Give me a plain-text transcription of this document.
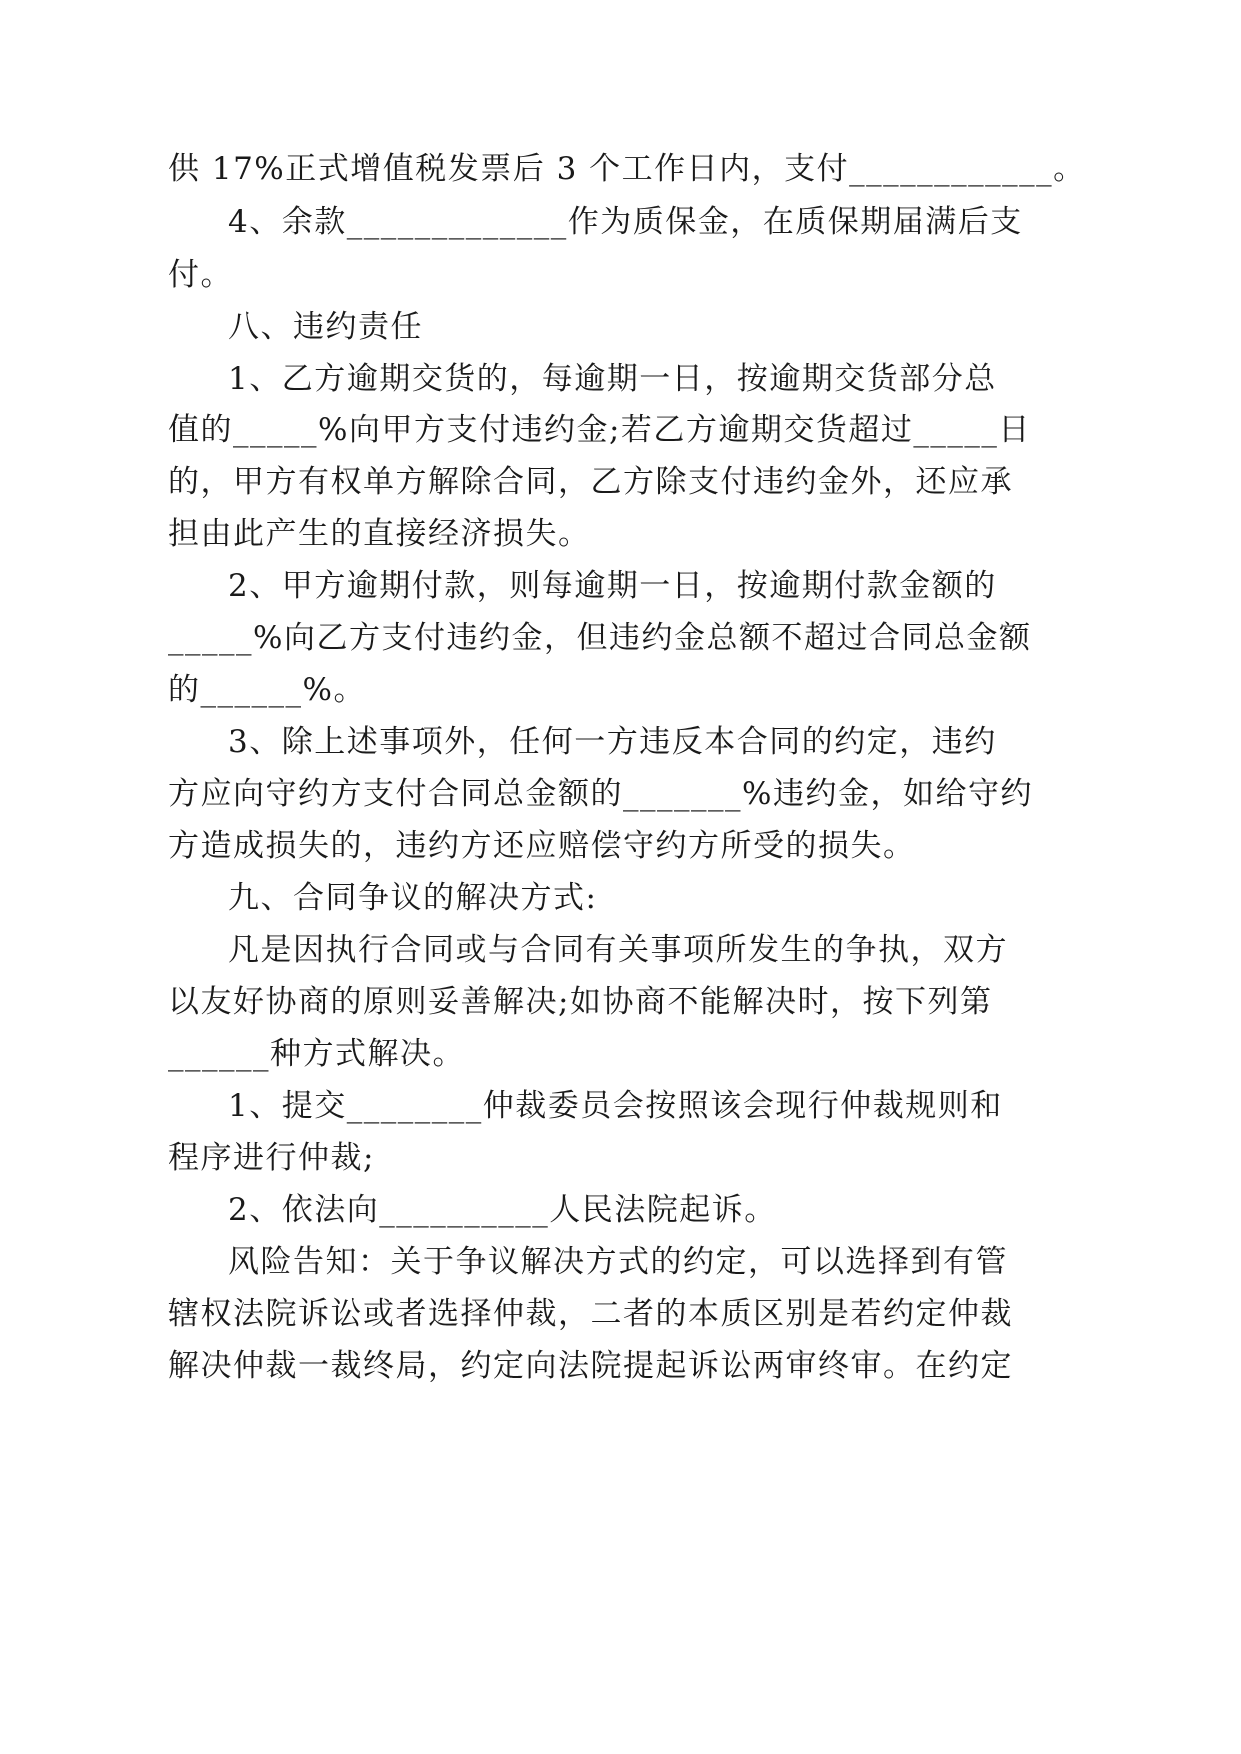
供 17%正式增值税发票后 3 个工作日内，支付____________。
4、余款_____________作为质保金，在质保期届满后支
付。
八、违约责任
1、乙方逾期交货的，每逾期一日，按逾期交货部分总
值的_____%向甲方支付违约金;若乙方逾期交货超过_____日
的，甲方有权单方解除合同，乙方除支付违约金外，还应承
担由此产生的直接经济损失。
2、甲方逾期付款，则每逾期一日，按逾期付款金额的
_____%向乙方支付违约金，但违约金总额不超过合同总金额
的______%。
3、除上述事项外，任何一方违反本合同的约定，违约
方应向守约方支付合同总金额的_______%违约金，如给守约
方造成损失的，违约方还应赔偿守约方所受的损失。
九、合同争议的解决方式:
凡是因执行合同或与合同有关事项所发生的争执，双方
以友好协商的原则妥善解决;如协商不能解决时，按下列第
______种方式解决。
1、提交________仲裁委员会按照该会现行仲裁规则和
程序进行仲裁;
2、依法向__________人民法院起诉。
风险告知：关于争议解决方式的约定，可以选择到有管
辖权法院诉讼或者选择仲裁，二者的本质区别是若约定仲裁
解决仲裁一裁终局，约定向法院提起诉讼两审终审。在约定
